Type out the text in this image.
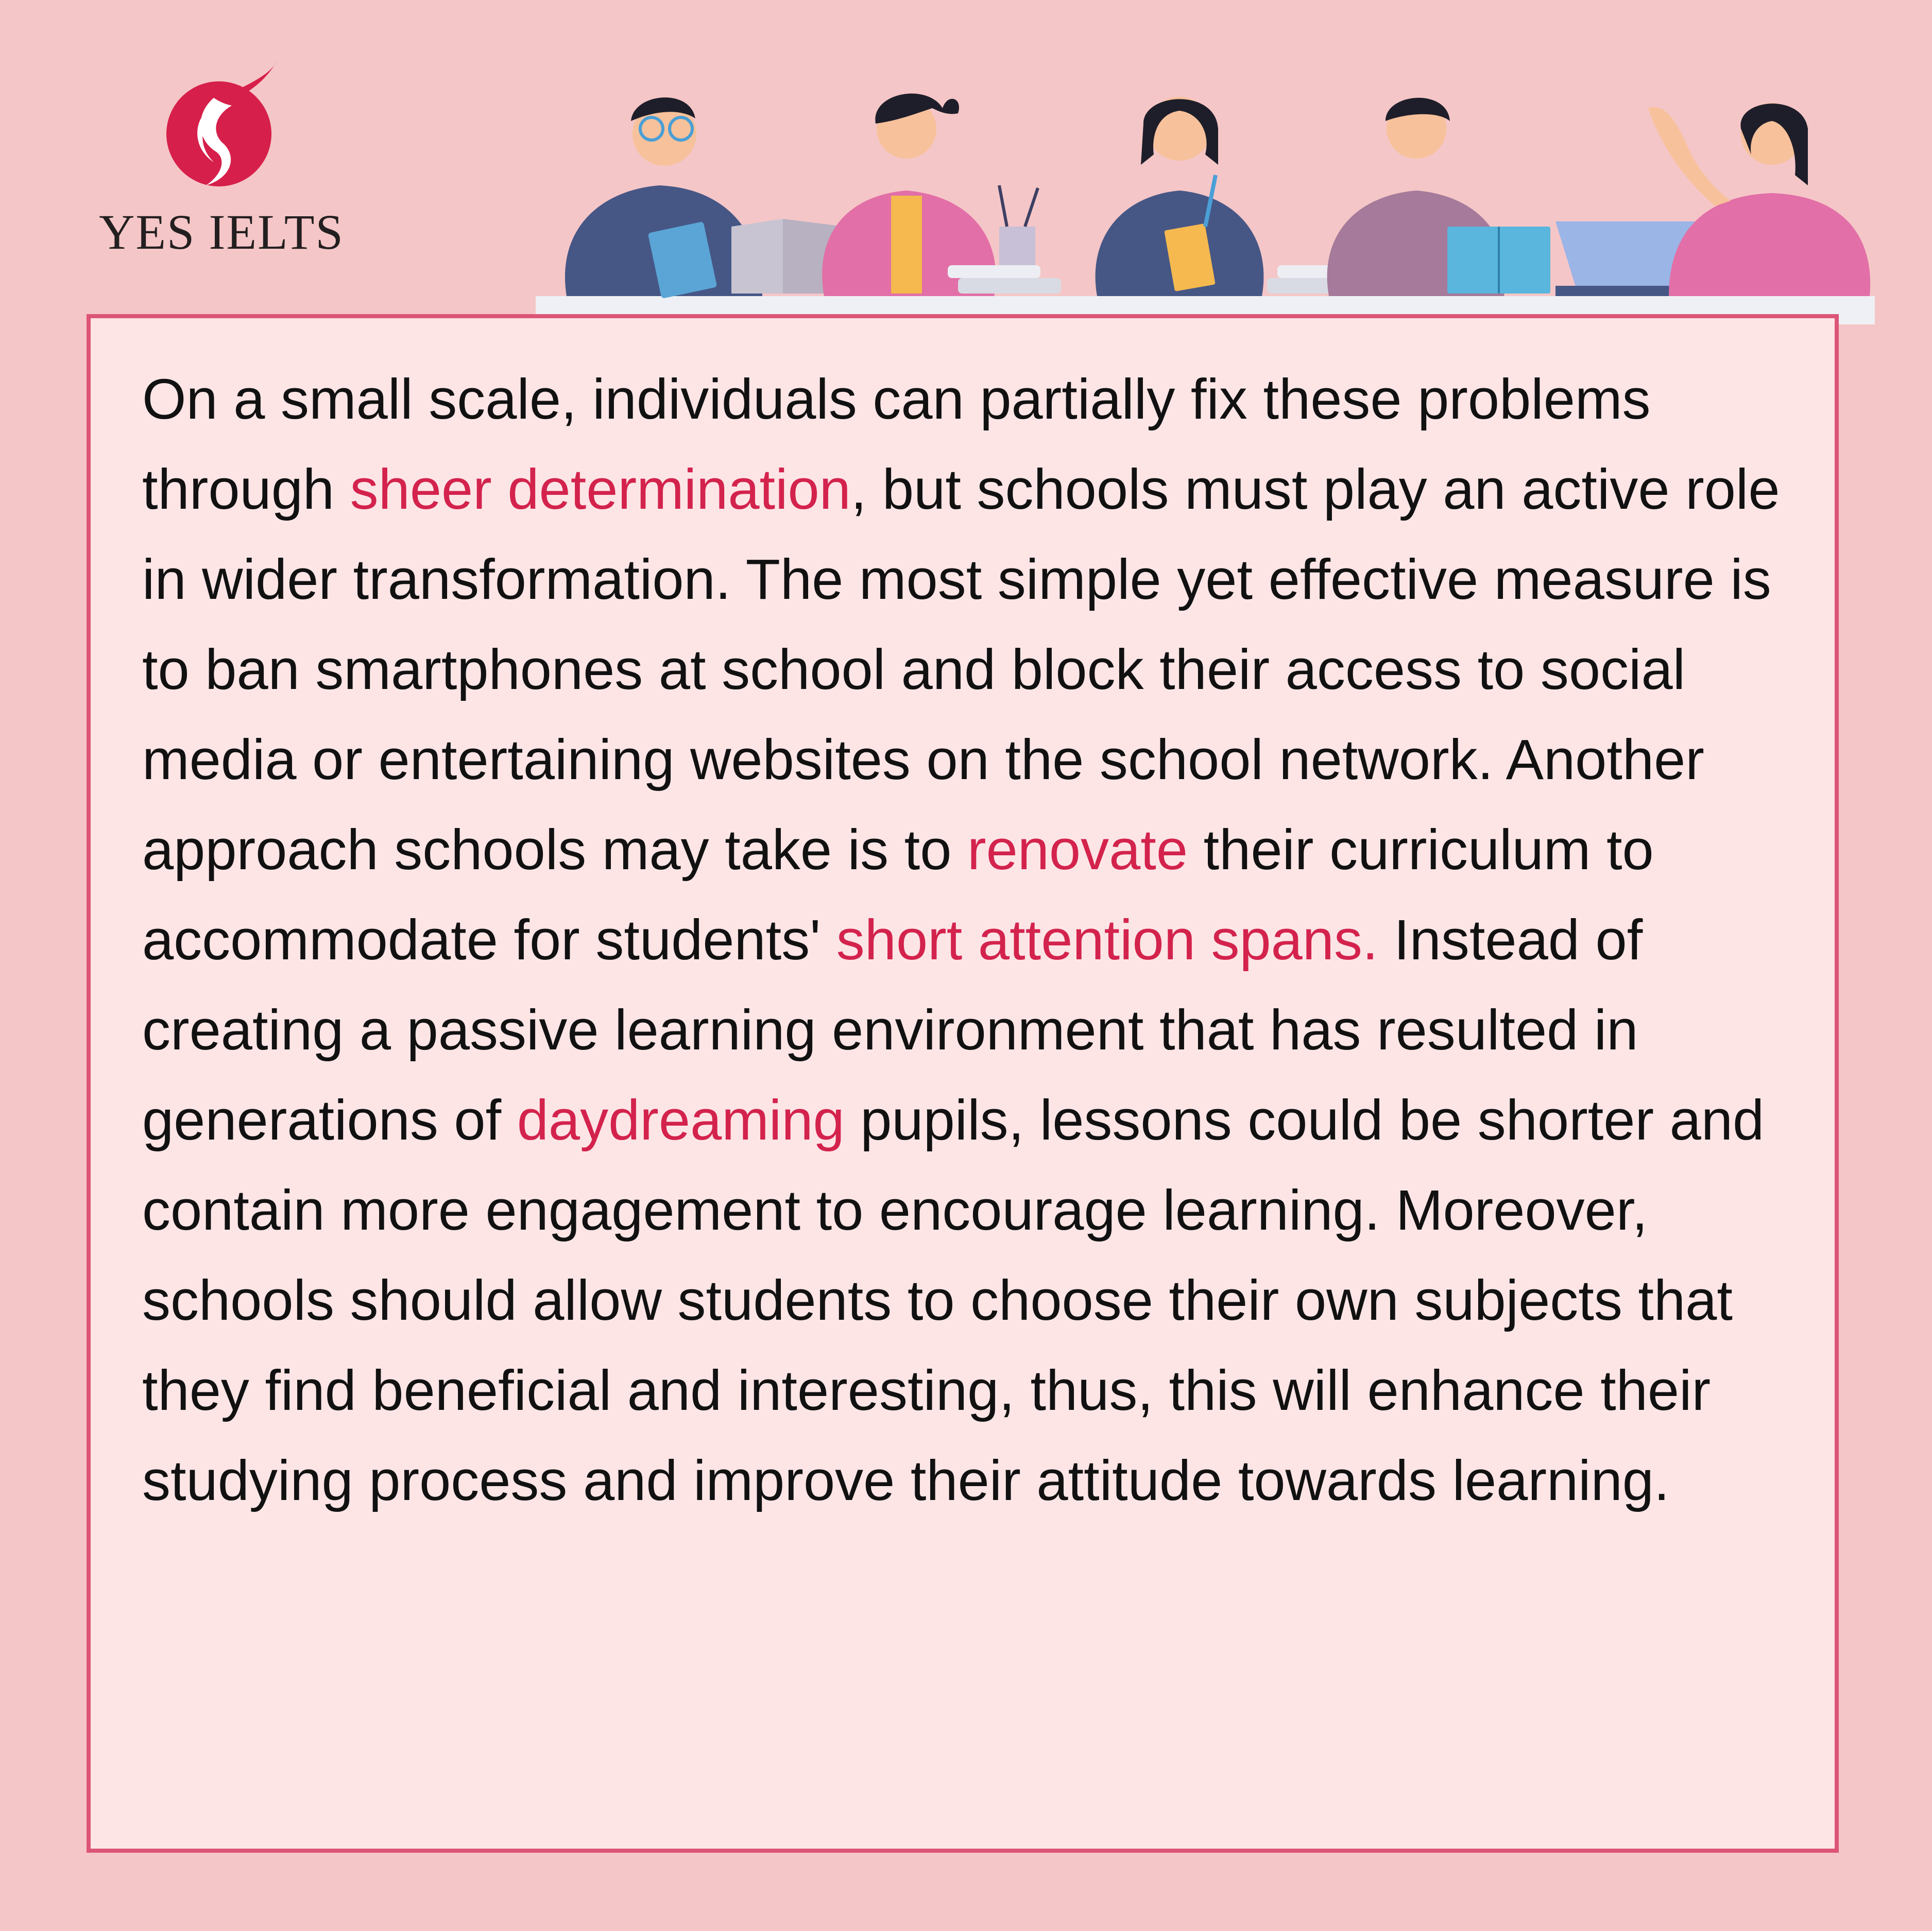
YES IELTS

On a small scale, individuals can partially fix these problems through sheer determination, but schools must play an active role in wider transformation. The most simple yet effective measure is to ban smartphones at school and block their access to social media or entertaining websites on the school network. Another approach schools may take is to renovate their curriculum to accommodate for students' short attention spans. Instead of creating a passive learning environment that has resulted in generations of daydreaming pupils, lessons could be shorter and contain more engagement to encourage learning. Moreover, schools should allow students to choose their own subjects that they find beneficial and interesting, thus, this will enhance their studying process and improve their attitude towards learning.
